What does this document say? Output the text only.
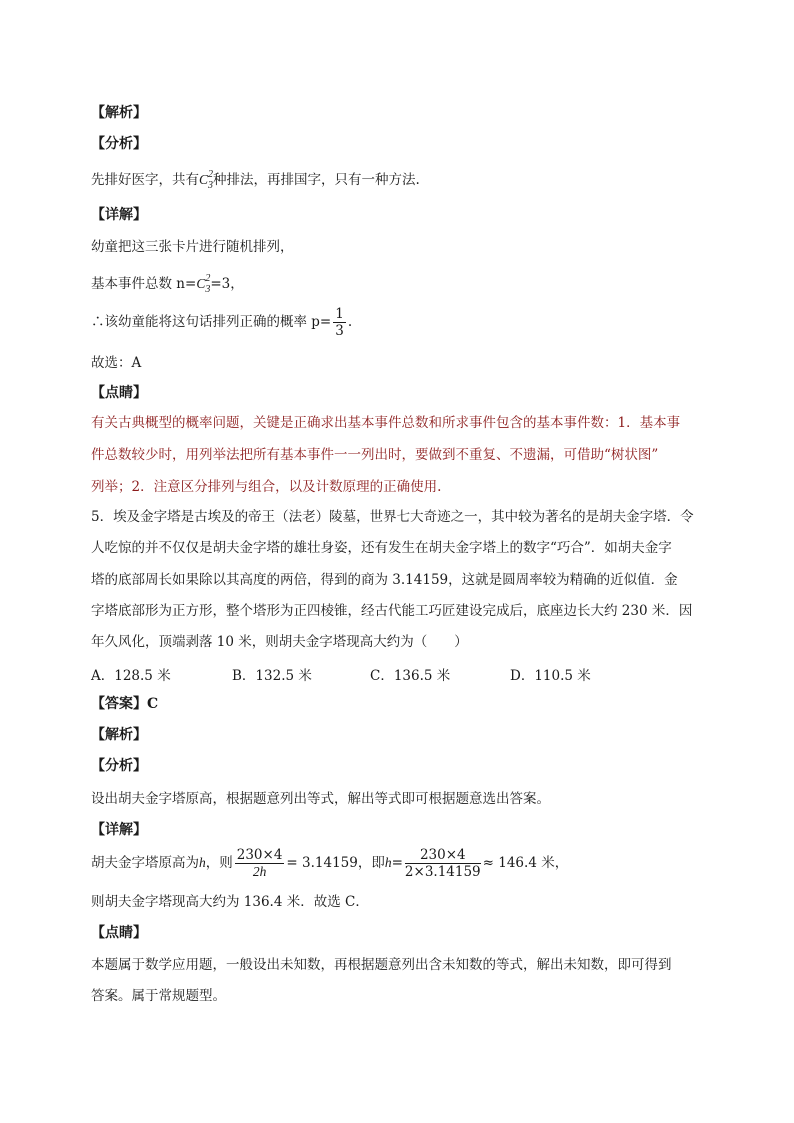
【解析】
【分析】
先排好医字，共有$C^2_3$种排法，再排国字，只有一种方法.
【详解】
幼童把这三张卡片进行随机排列，
基本事件总数 $n=C^2_3=3$，
∴该幼童能将这句话排列正确的概率 $p= \frac{1}{3}$ .
故选：A
【点睛】
有关古典概型的概率问题，关键是正确求出基本事件总数和所求事件包含的基本事件数：1．基本事
件总数较少时，用列举法把所有基本事件一一列出时，要做到不重复、不遗漏，可借助“树状图”
列举；2．注意区分排列与组合，以及计数原理的正确使用.
5．埃及金字塔是古埃及的帝王（法老）陵墓，世界七大奇迹之一，其中较为著名的是胡夫金字塔．令
人吃惊的并不仅仅是胡夫金字塔的雄壮身姿，还有发生在胡夫金字塔上的数字“巧合”．如胡夫金字
塔的底部周长如果除以其高度的两倍，得到的商为 3.14159，这就是圆周率较为精确的近似值．金
字塔底部形为正方形，整个塔形为正四棱锥，经古代能工巧匠建设完成后，底座边长大约 230 米．因
年久风化，顶端剥落 10 米，则胡夫金字塔现高大约为（　　）
A．128.5 米	B．132.5 米	C．136.5 米	D．110.5 米
【答案】C
【解析】
【分析】
设出胡夫金字塔原高，根据题意列出等式，解出等式即可根据题意选出答案。
【详解】
胡夫金字塔原高为h，则 $\frac{230\times 4}{2h} = 3.14159$，即$h= \frac{230\times 4}{2\times 3.14159} \approx 146.4$ 米，
则胡夫金字塔现高大约为 136.4 米．故选 C．
【点睛】
本题属于数学应用题，一般设出未知数，再根据题意列出含未知数的等式，解出未知数，即可得到
答案。属于常规题型。
